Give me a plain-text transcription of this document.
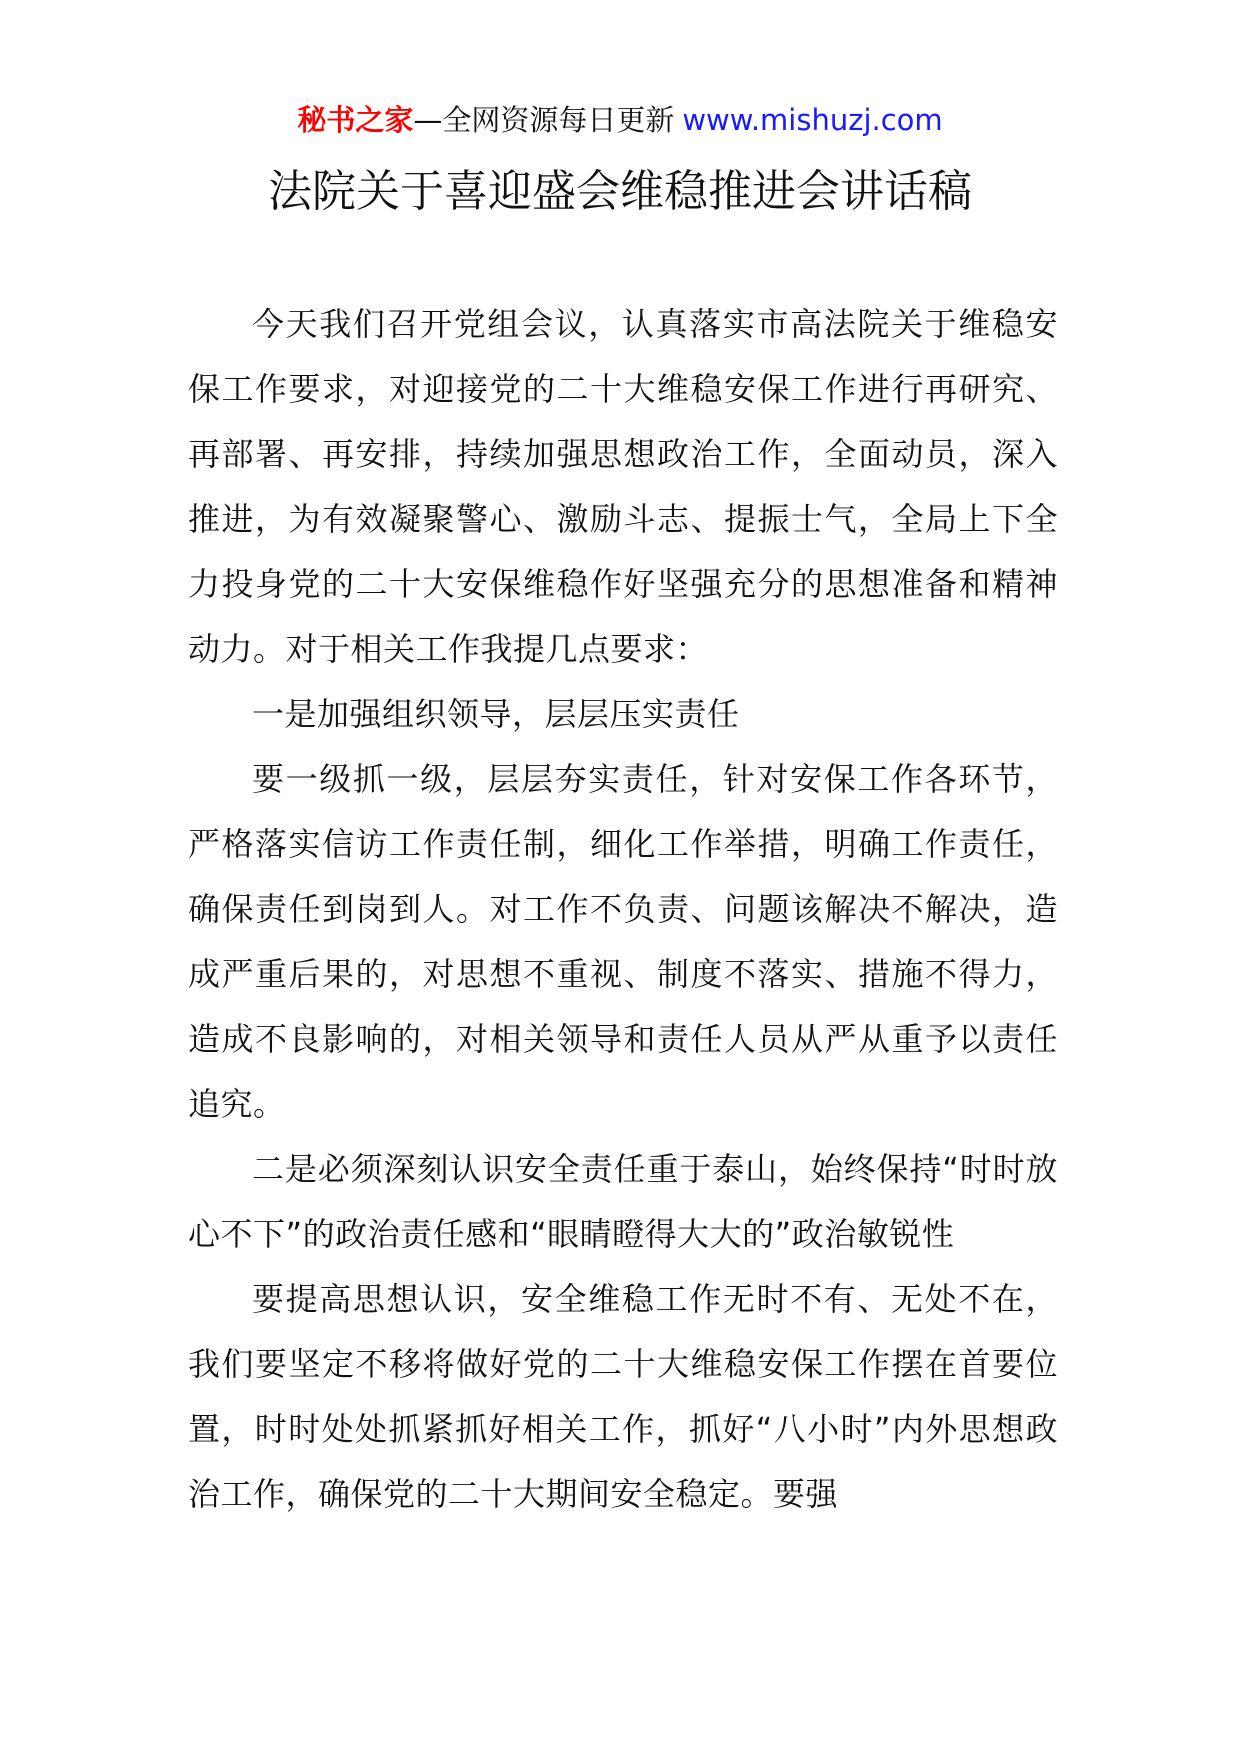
秘书之家—全网资源每日更新 www.mishuzj.com
法院关于喜迎盛会维稳推进会讲话稿

今天我们召开党组会议，认真落实市高法院关于维稳安保工作要求，对迎接党的二十大维稳安保工作进行再研究、再部署、再安排，持续加强思想政治工作，全面动员，深入推进，为有效凝聚警心、激励斗志、提振士气，全局上下全力投身党的二十大安保维稳作好坚强充分的思想准备和精神动力。对于相关工作我提几点要求：

一是加强组织领导，层层压实责任

要一级抓一级，层层夯实责任，针对安保工作各环节，严格落实信访工作责任制，细化工作举措，明确工作责任，确保责任到岗到人。对工作不负责、问题该解决不解决，造成严重后果的，对思想不重视、制度不落实、措施不得力，造成不良影响的，对相关领导和责任人员从严从重予以责任追究。

二是必须深刻认识安全责任重于泰山，始终保持“时时放心不下”的政治责任感和“眼睛瞪得大大的”政治敏锐性

要提高思想认识，安全维稳工作无时不有、无处不在，我们要坚定不移将做好党的二十大维稳安保工作摆在首要位置，时时处处抓紧抓好相关工作，抓好“八小时”内外思想政治工作，确保党的二十大期间安全稳定。要强
